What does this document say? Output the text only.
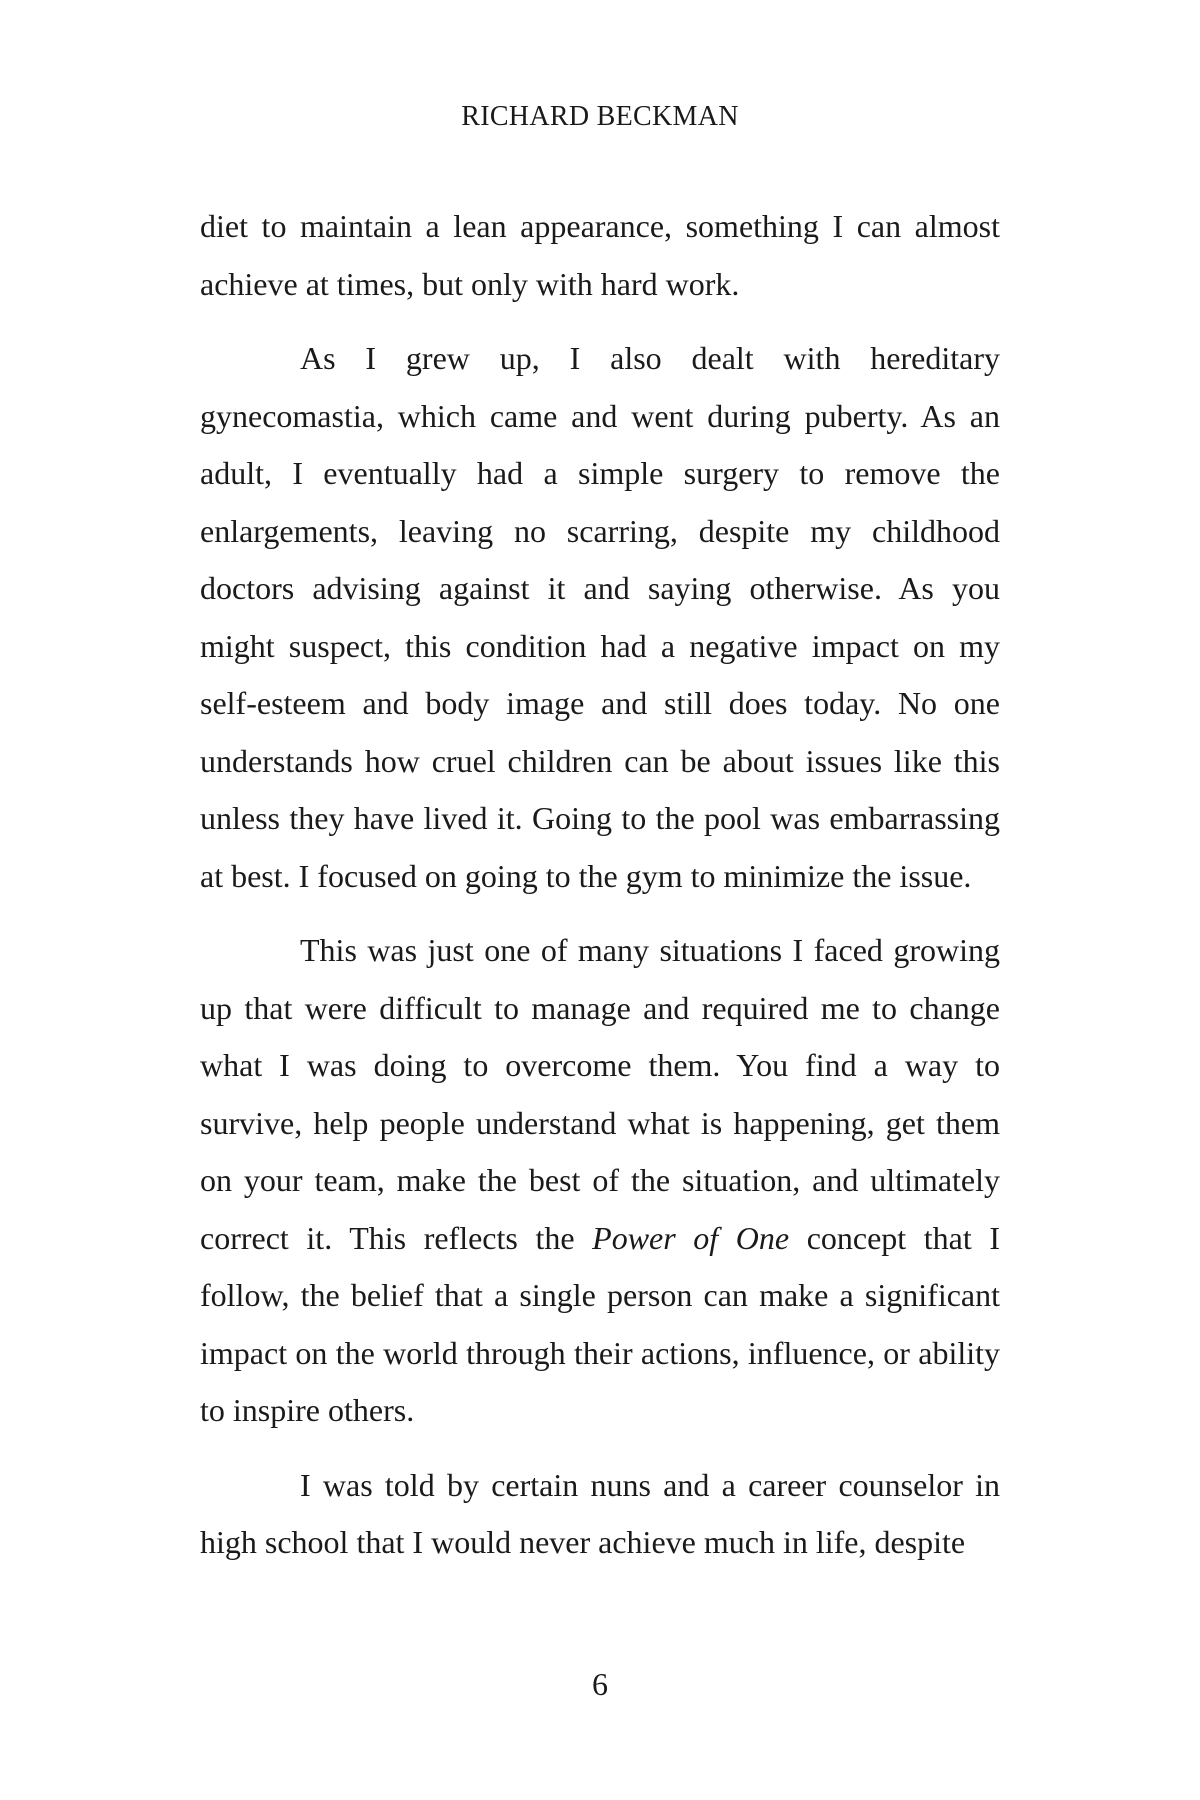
RICHARD BECKMAN

diet to maintain a lean appearance, something I can almost achieve at times, but only with hard work.

As I grew up, I also dealt with hereditary gynecomastia, which came and went during puberty. As an adult, I eventually had a simple surgery to remove the enlargements, leaving no scarring, despite my childhood doctors advising against it and saying otherwise. As you might suspect, this condition had a negative impact on my self-esteem and body image and still does today. No one understands how cruel children can be about issues like this unless they have lived it. Going to the pool was embarrassing at best. I focused on going to the gym to minimize the issue.

This was just one of many situations I faced growing up that were difficult to manage and required me to change what I was doing to overcome them. You find a way to survive, help people understand what is happening, get them on your team, make the best of the situation, and ultimately correct it. This reflects the Power of One concept that I follow, the belief that a single person can make a significant impact on the world through their actions, influence, or ability to inspire others.

I was told by certain nuns and a career counselor in high school that I would never achieve much in life, despite

6
